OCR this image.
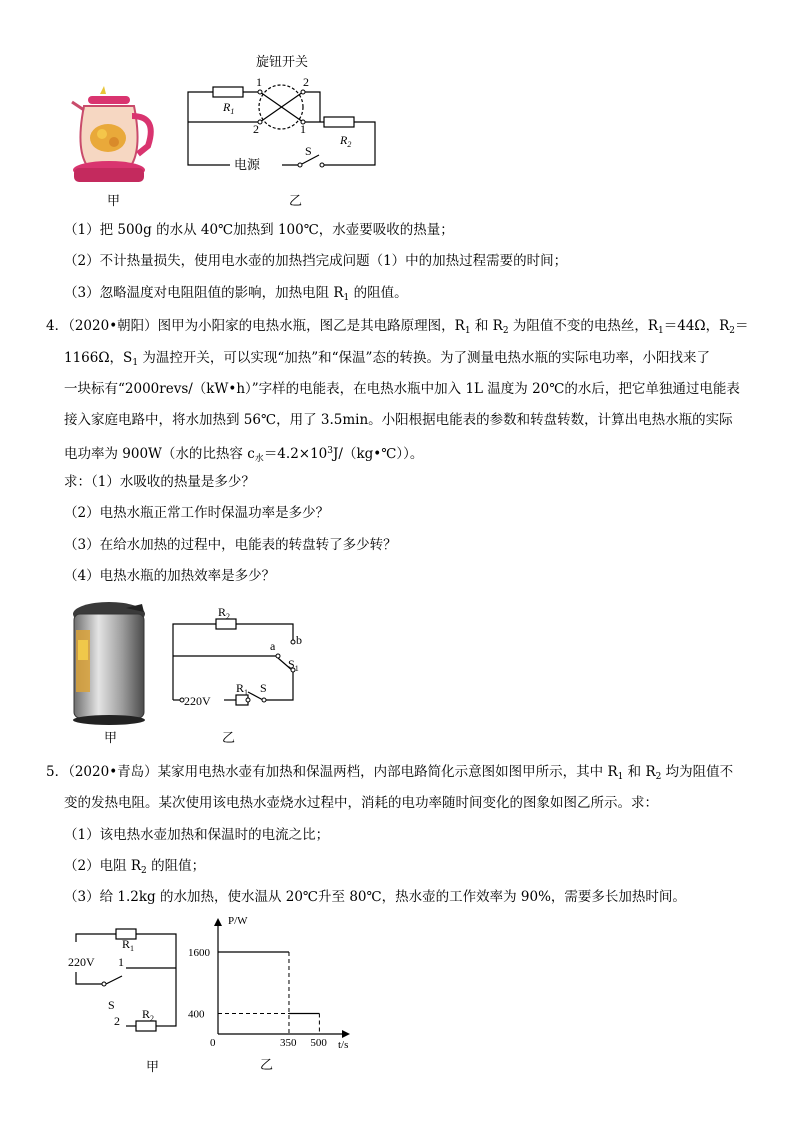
甲
旋钮开关
1	2
2	1
$R_1$
$R_2$
电源
S
乙
（1）把 500g 的水从 40℃加热到 100℃，水壶要吸收的热量；
（2）不计热量损失，使用电水壶的加热挡完成问题（1）中的加热过程需要的时间；
（3）忽略温度对电阻阻值的影响，加热电阻 $R_1$ 的阻值。
4．（2020•朝阳）图甲为小阳家的电热水瓶，图乙是其电路原理图，$R_1$ 和 $R_2$ 为阻值不变的电热丝，$R_1=44\Omega$，$R_2=$
1166Ω，$S_1$ 为温控开关，可以实现“加热”和“保温”态的转换。为了测量电热水瓶的实际电功率，小阳找来了
一块标有“2000revs/（kW•h）”字样的电能表，在电热水瓶中加入 1L 温度为 20℃的水后，把它单独通过电能表
接入家庭电路中，将水加热到 56℃，用了 3.5min。小阳根据电能表的参数和转盘转数，计算出电热水瓶的实际
电功率为 900W（水的比热容 $c_水=4.2\times 10^3J/(kg•℃)$）。
求：（1）水吸收的热量是多少？
（2）电热水瓶正常工作时保温功率是多少？
（3）在给水加热的过程中，电能表的转盘转了多少转？
（4）电热水瓶的加热效率是多少？
甲
$R_2$
a b
$S_1$
220V
$R_1$ S
乙
5．（2020•青岛）某家用电热水壶有加热和保温两档，内部电路简化示意图如图甲所示，其中 $R_1$ 和 $R_2$ 均为阻值不
变的发热电阻。某次使用该电热水壶烧水过程中，消耗的电功率随时间变化的图象如图乙所示。求：
（1）该电热水壶加热和保温时的电流之比；
（2）电阻 $R_2$ 的阻值；
（3）给 1.2kg 的水加热，使水温从 20℃升至 80℃，热水壶的工作效率为 90%，需要多长加热时间。
$R_1$
220V 1
S
2 $R_2$
甲
P/W
t/s
0
1600
400
350 500
乙
